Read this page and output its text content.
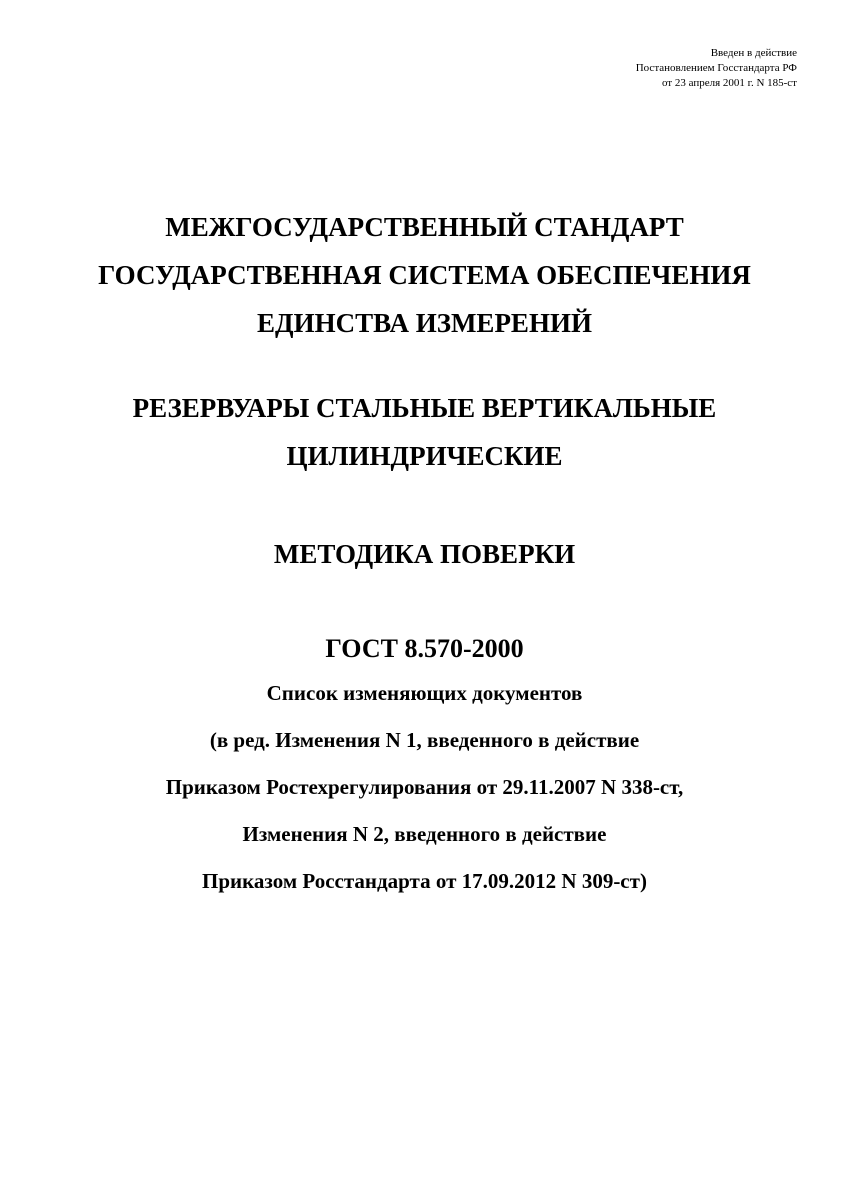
Введен в действие
Постановлением Госстандарта РФ
от 23 апреля 2001 г. N 185-ст
МЕЖГОСУДАРСТВЕННЫЙ СТАНДАРТ
ГОСУДАРСТВЕННАЯ СИСТЕМА ОБЕСПЕЧЕНИЯ
ЕДИНСТВА ИЗМЕРЕНИЙ
РЕЗЕРВУАРЫ СТАЛЬНЫЕ ВЕРТИКАЛЬНЫЕ
ЦИЛИНДРИЧЕСКИЕ
МЕТОДИКА ПОВЕРКИ
ГОСТ 8.570-2000
Список изменяющих документов
(в ред. Изменения N 1, введенного в действие
Приказом Ростехрегулирования от 29.11.2007 N 338-ст,
Изменения N 2, введенного в действие
Приказом Росстандарта от 17.09.2012 N 309-ст)
